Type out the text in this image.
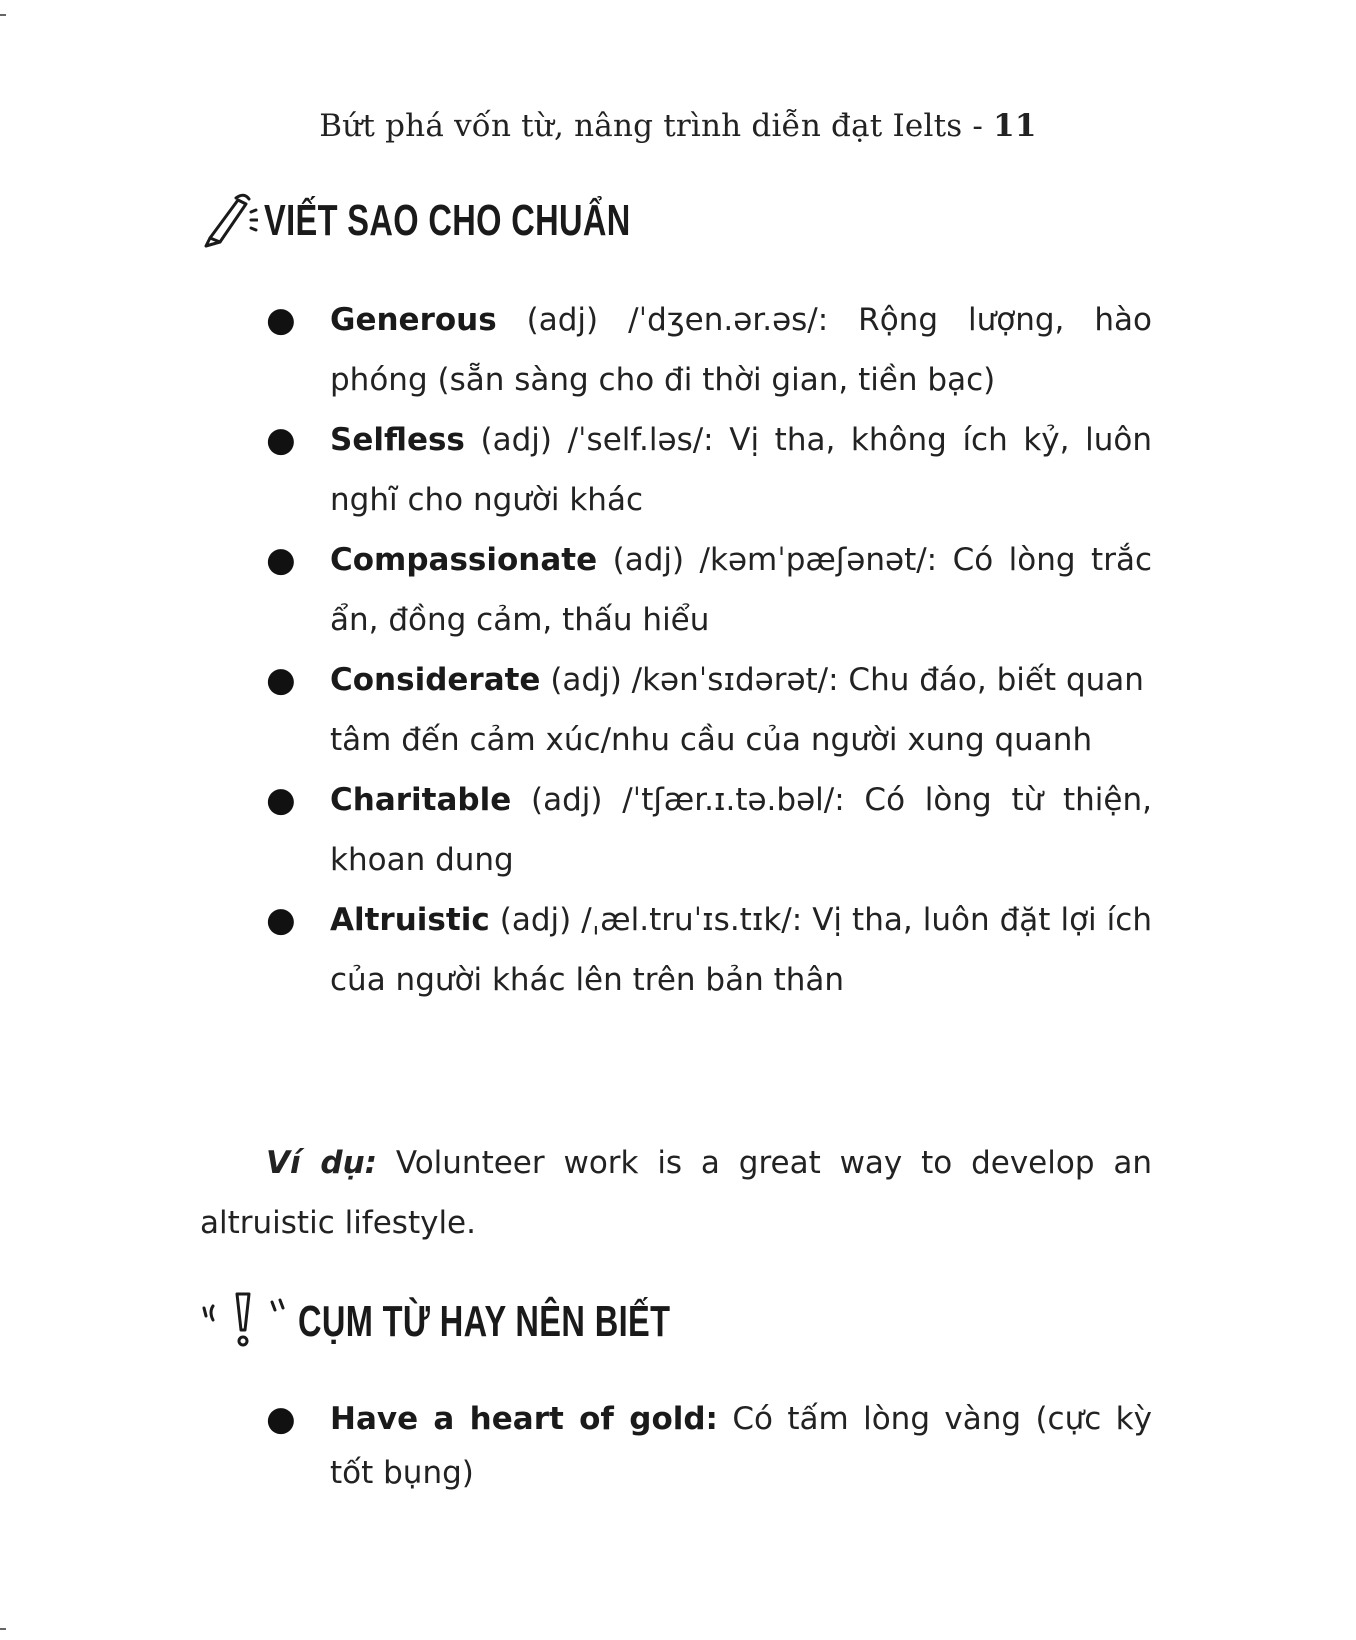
Bứt phá vốn từ, nâng trình diễn đạt Ielts - 11
VIẾT SAO CHO CHUẨN
● Generous (adj) /ˈdʒen.ər.əs/: Rộng lượng, hào phóng (sẵn sàng cho đi thời gian, tiền bạc)
● Selfless (adj) /ˈself.ləs/: Vị tha, không ích kỷ, luôn nghĩ cho người khác
● Compassionate (adj) /kəmˈpæʃənət/: Có lòng trắc ẩn, đồng cảm, thấu hiểu
● Considerate (adj) /kənˈsɪdərət/: Chu đáo, biết quan tâm đến cảm xúc/nhu cầu của người xung quanh
● Charitable (adj) /ˈtʃær.ɪ.tə.bəl/: Có lòng từ thiện, khoan dung
● Altruistic (adj) /ˌæl.truˈɪs.tɪk/: Vị tha, luôn đặt lợi ích của người khác lên trên bản thân

Ví dụ: Volunteer work is a great way to develop an altruistic lifestyle.

CỤM TỪ HAY NÊN BIẾT
● Have a heart of gold: Có tấm lòng vàng (cực kỳ tốt bụng)
